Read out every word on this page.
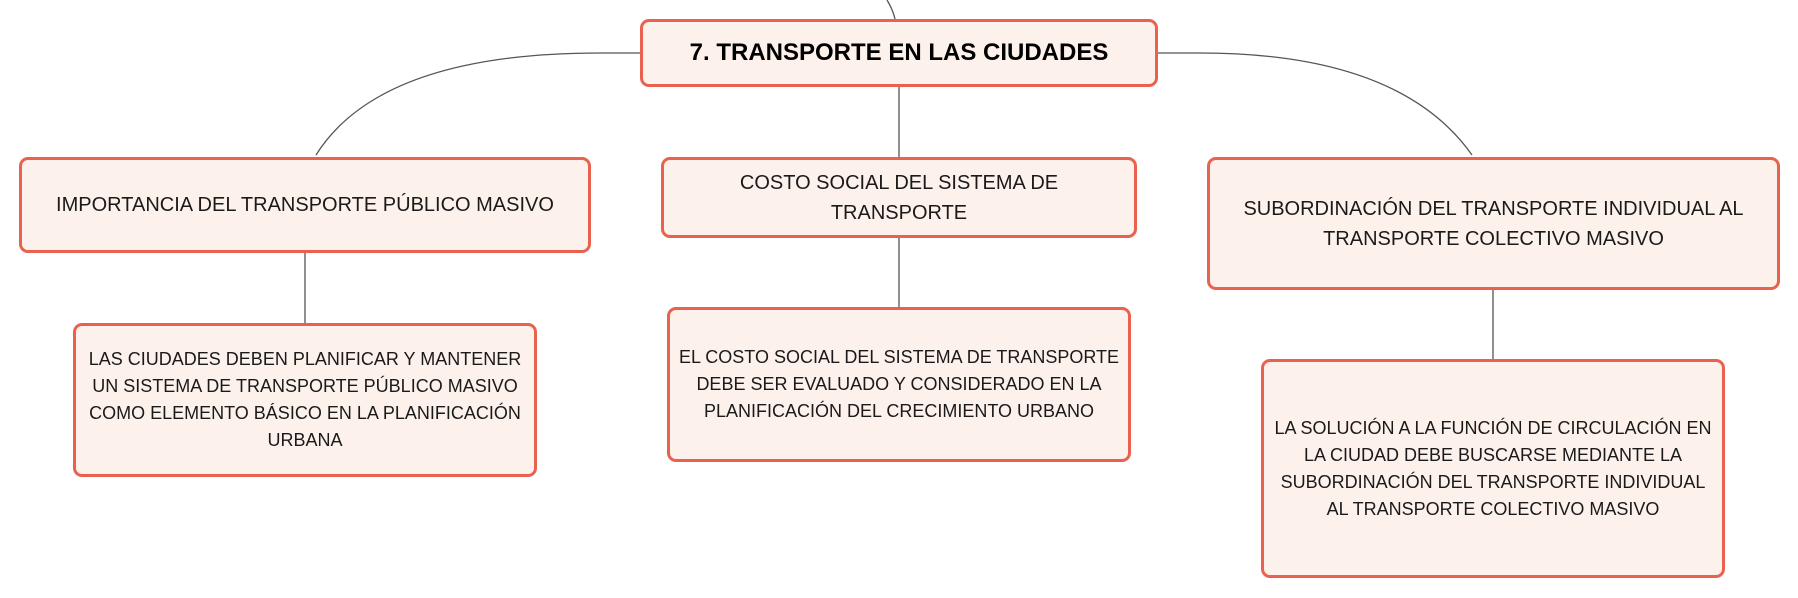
7. TRANSPORTE EN LAS CIUDADES
IMPORTANCIA DEL TRANSPORTE PÚBLICO MASIVO
COSTO SOCIAL DEL SISTEMA DE TRANSPORTE	SUBORDINACIÓN DEL TRANSPORTE INDIVIDUAL AL TRANSPORTE COLECTIVO MASIVO
LAS CIUDADES DEBEN PLANIFICAR Y MANTENER UN SISTEMA DE TRANSPORTE PÚBLICO MASIVO COMO ELEMENTO BÁSICO EN LA PLANIFICACIÓN URBANA
EL COSTO SOCIAL DEL SISTEMA DE TRANSPORTE DEBE SER EVALUADO Y CONSIDERADO EN LA PLANIFICACIÓN DEL CRECIMIENTO URBANO
LA SOLUCIÓN A LA FUNCIÓN DE CIRCULACIÓN EN LA CIUDAD DEBE BUSCARSE MEDIANTE LA SUBORDINACIÓN DEL TRANSPORTE INDIVIDUAL AL TRANSPORTE COLECTIVO MASIVO
